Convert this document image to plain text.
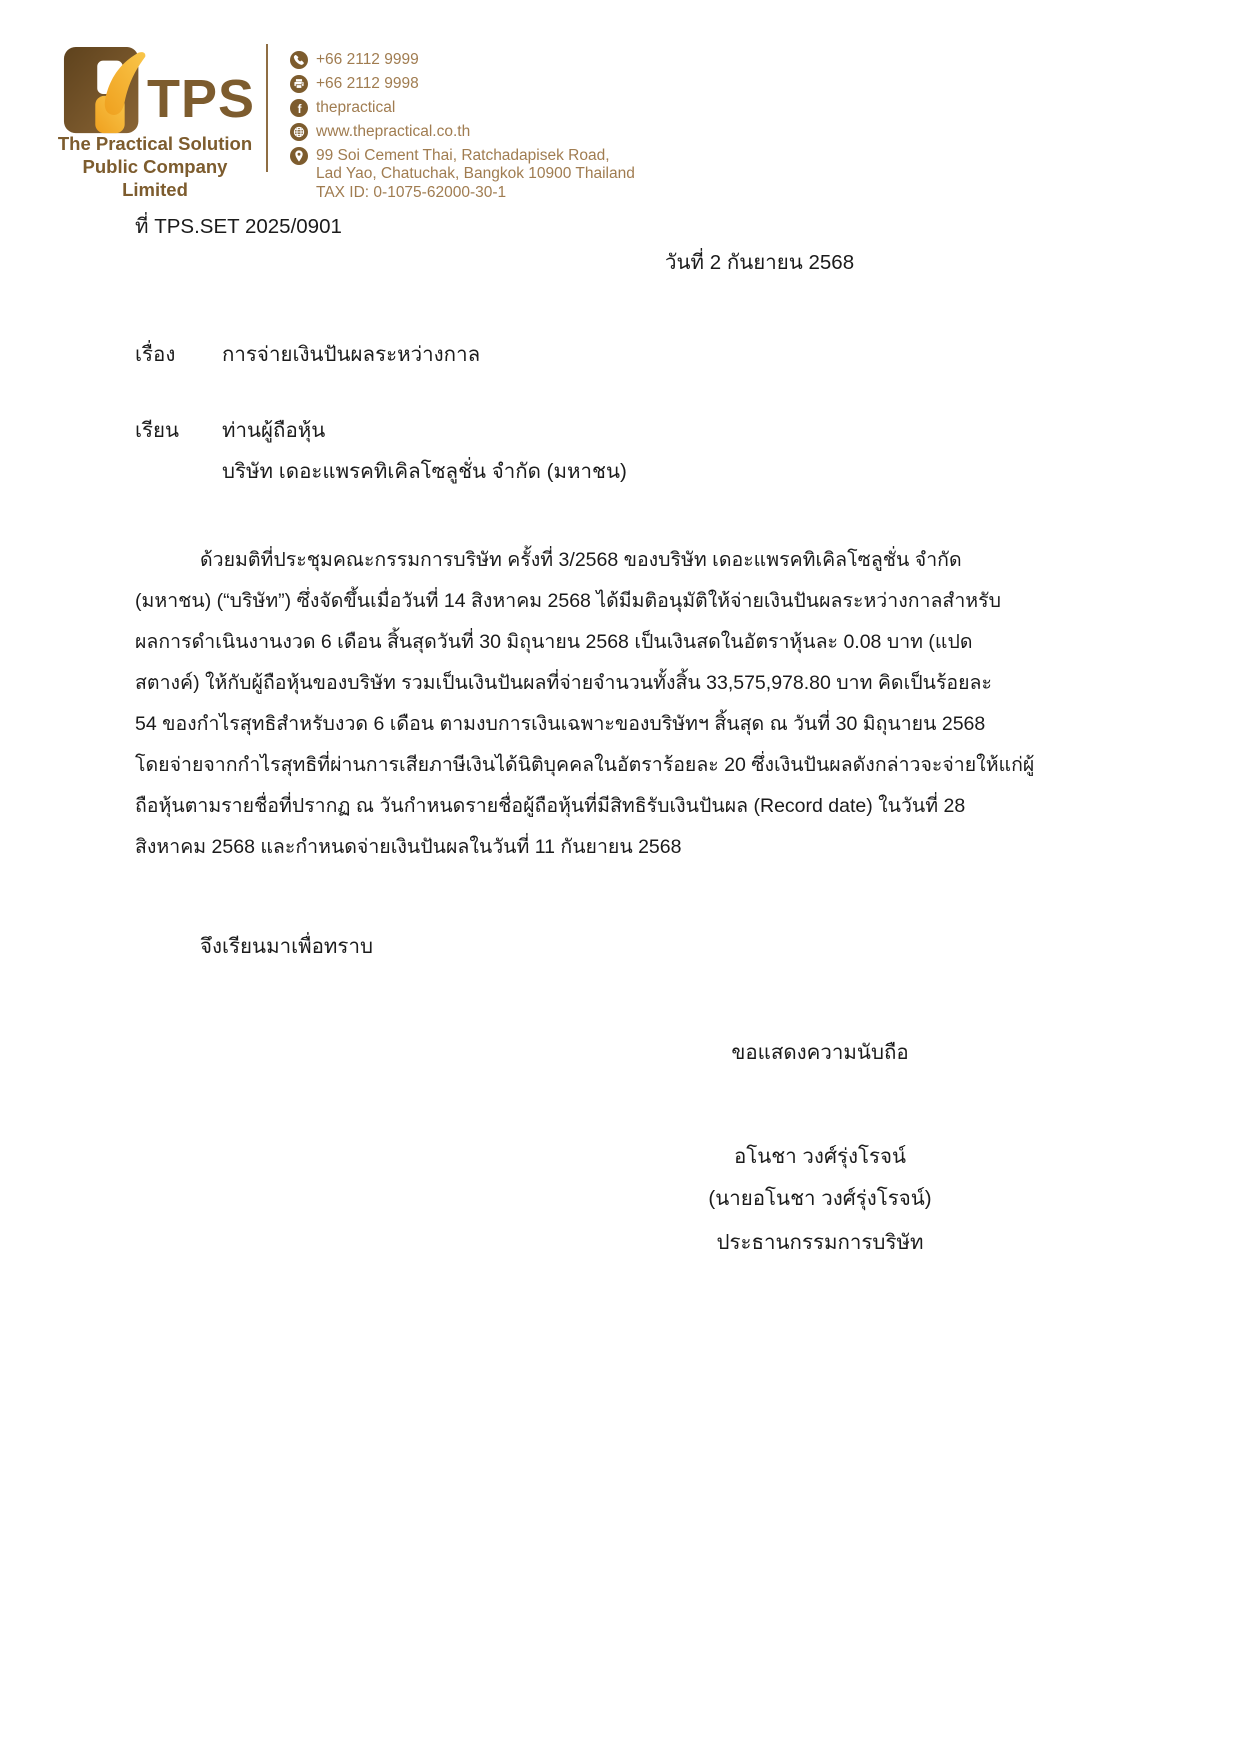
TPS
The Practical Solution
Public Company Limited
+66 2112 9999
+66 2112 9998
f thepractical
www.thepractical.co.th
99 Soi Cement Thai, Ratchadapisek Road,
Lad Yao, Chatuchak, Bangkok 10900 Thailand
TAX ID: 0-1075-62000-30-1
ที่ TPS.SET 2025/0901
วันที่ 2 กันยายน 2568
เรื่อง การจ่ายเงินปันผลระหว่างกาล
เรียน ท่านผู้ถือหุ้น
บริษัท เดอะแพรคทิเคิลโซลูชั่น จำกัด (มหาชน)
ด้วยมติที่ประชุมคณะกรรมการบริษัท ครั้งที่ 3/2568 ของบริษัท เดอะแพรคทิเคิลโซลูชั่น จำกัด
(มหาชน) (“บริษัท”) ซึ่งจัดขึ้นเมื่อวันที่ 14 สิงหาคม 2568 ได้มีมติอนุมัติให้จ่ายเงินปันผลระหว่างกาลสำหรับ
ผลการดำเนินงานงวด 6 เดือน สิ้นสุดวันที่ 30 มิถุนายน 2568 เป็นเงินสดในอัตราหุ้นละ 0.08 บาท (แปด
สตางค์) ให้กับผู้ถือหุ้นของบริษัท รวมเป็นเงินปันผลที่จ่ายจำนวนทั้งสิ้น 33,575,978.80 บาท คิดเป็นร้อยละ
54 ของกำไรสุทธิสำหรับงวด 6 เดือน ตามงบการเงินเฉพาะของบริษัทฯ สิ้นสุด ณ วันที่ 30 มิถุนายน 2568
โดยจ่ายจากกำไรสุทธิที่ผ่านการเสียภาษีเงินได้นิติบุคคลในอัตราร้อยละ 20 ซึ่งเงินปันผลดังกล่าวจะจ่ายให้แก่ผู้
ถือหุ้นตามรายชื่อที่ปรากฏ ณ วันกำหนดรายชื่อผู้ถือหุ้นที่มีสิทธิรับเงินปันผล (Record date) ในวันที่ 28
สิงหาคม 2568 และกำหนดจ่ายเงินปันผลในวันที่ 11 กันยายน 2568
จึงเรียนมาเพื่อทราบ
ขอแสดงความนับถือ
อโนชา วงศ์รุ่งโรจน์
(นายอโนชา วงศ์รุ่งโรจน์)
ประธานกรรมการบริษัท
